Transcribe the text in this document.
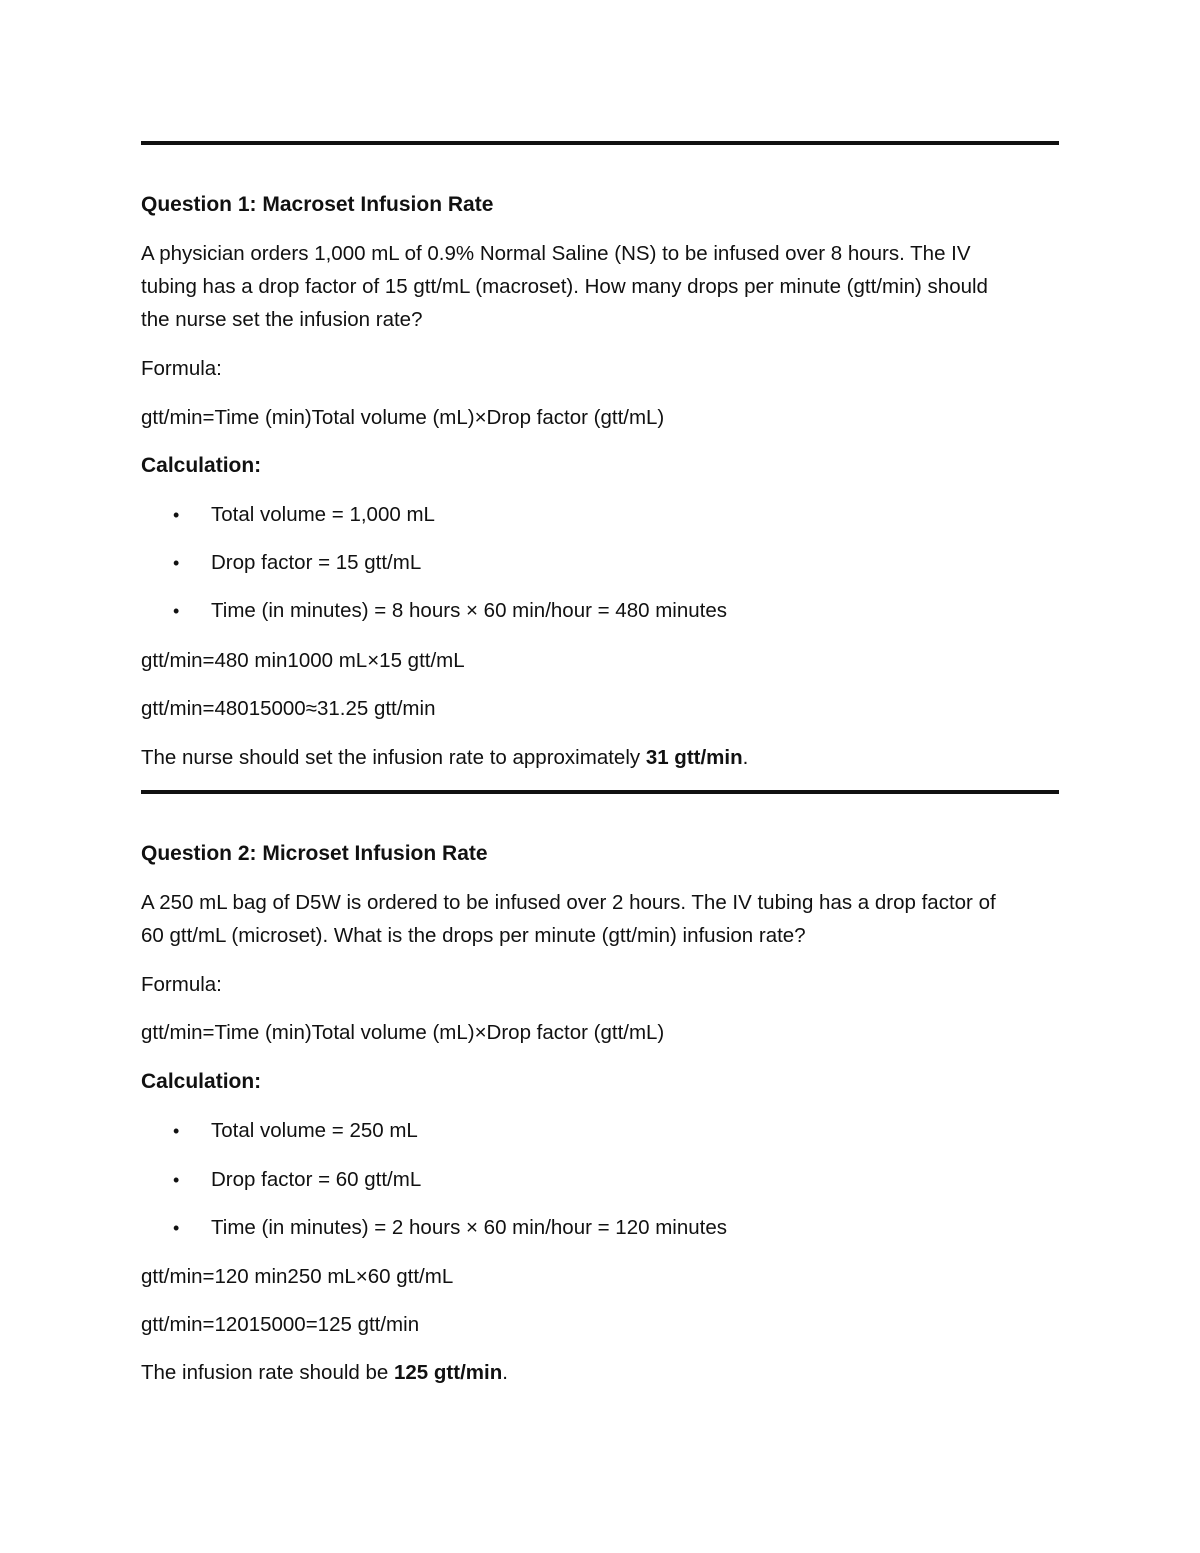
Question 1: Macroset Infusion Rate
A physician orders 1,000 mL of 0.9% Normal Saline (NS) to be infused over 8 hours. The IV
tubing has a drop factor of 15 gtt/mL (macroset). How many drops per minute (gtt/min) should
the nurse set the infusion rate?
Formula:
gtt/min=Time (min)Total volume (mL)×Drop factor (gtt/mL)
Calculation:
• Total volume = 1,000 mL
• Drop factor = 15 gtt/mL
• Time (in minutes) = 8 hours × 60 min/hour = 480 minutes
gtt/min=480 min1000 mL×15 gtt/mL
gtt/min=48015000≈31.25 gtt/min
The nurse should set the infusion rate to approximately 31 gtt/min.
Question 2: Microset Infusion Rate
A 250 mL bag of D5W is ordered to be infused over 2 hours. The IV tubing has a drop factor of
60 gtt/mL (microset). What is the drops per minute (gtt/min) infusion rate?
Formula:
gtt/min=Time (min)Total volume (mL)×Drop factor (gtt/mL)
Calculation:
• Total volume = 250 mL
• Drop factor = 60 gtt/mL
• Time (in minutes) = 2 hours × 60 min/hour = 120 minutes
gtt/min=120 min250 mL×60 gtt/mL
gtt/min=12015000=125 gtt/min
The infusion rate should be 125 gtt/min.
